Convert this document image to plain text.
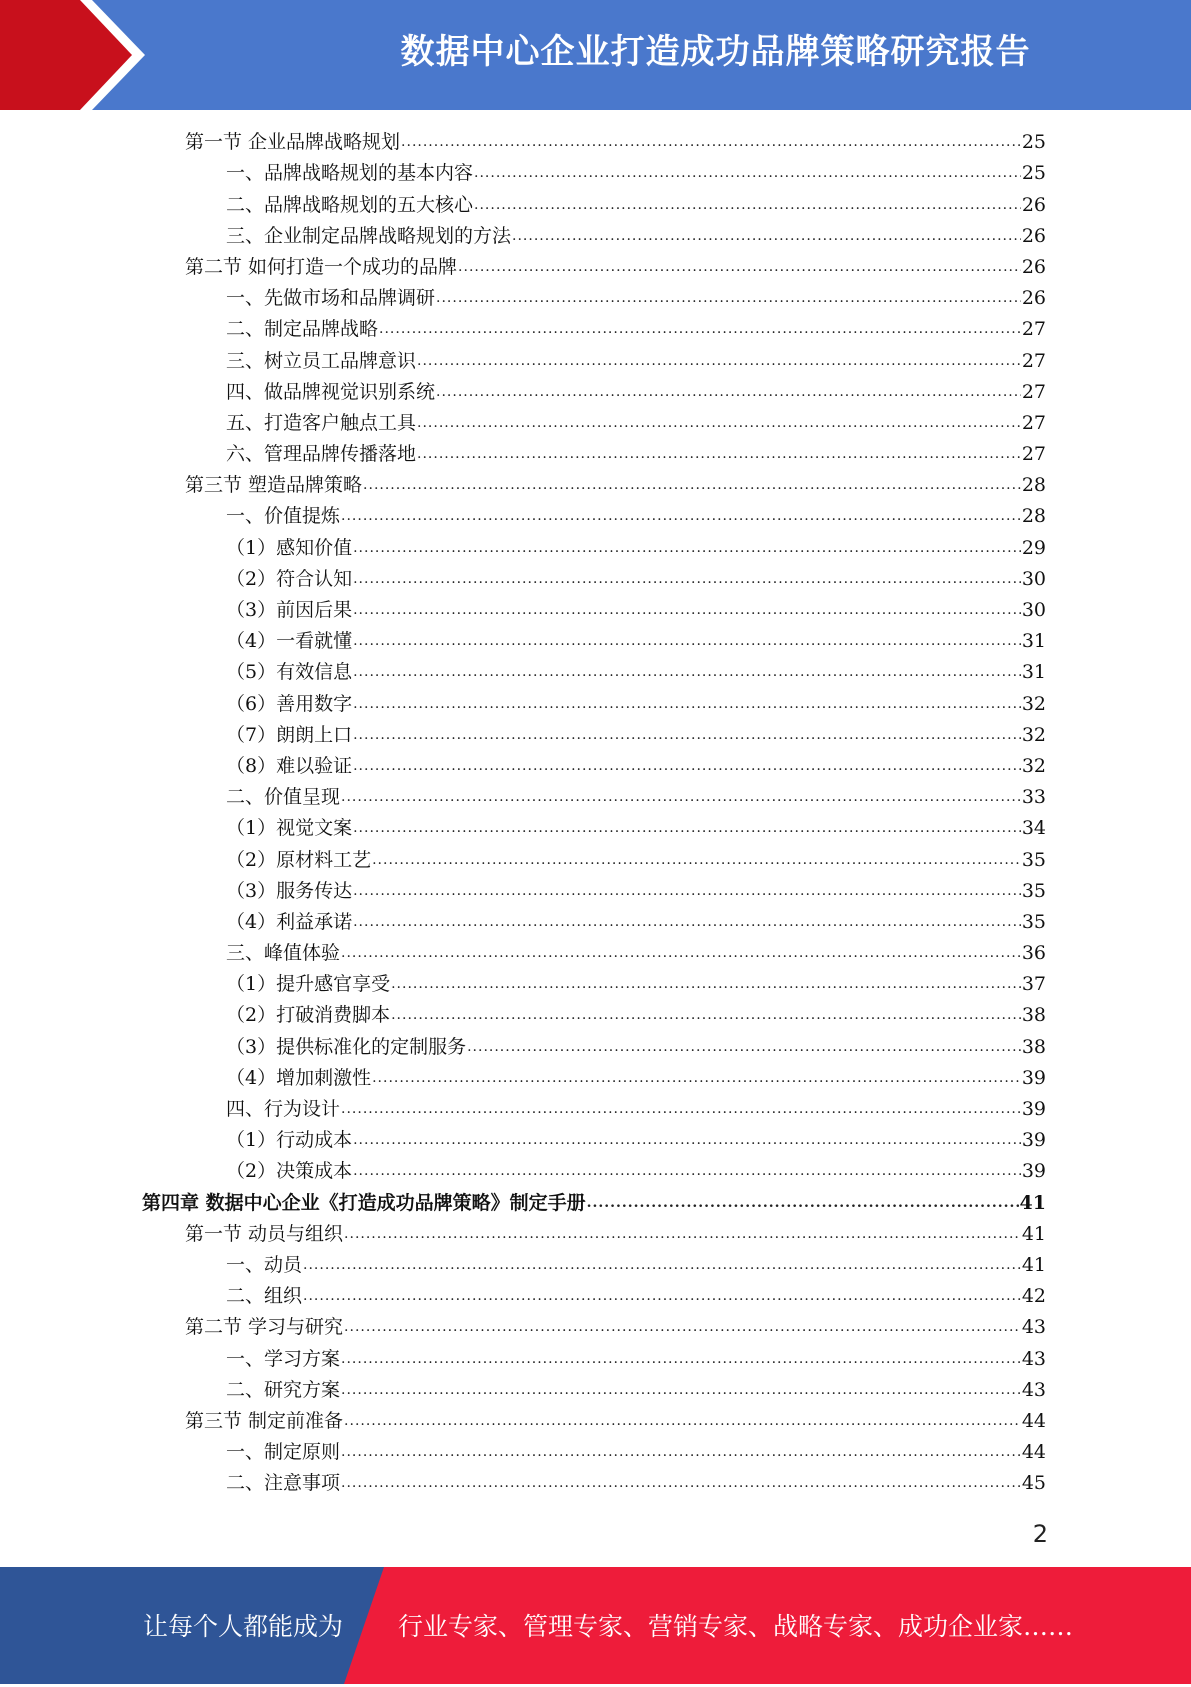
数据中心企业打造成功品牌策略研究报告
第一节 企业品牌战略规划 .....	25
一、品牌战略规划的基本内容 .....	25
二、品牌战略规划的五大核心 .....	26
三、企业制定品牌战略规划的方法 .....	26
第二节 如何打造一个成功的品牌 .....	26
一、先做市场和品牌调研 .....	26
二、制定品牌战略 .....	27
三、树立员工品牌意识 .....	27
四、做品牌视觉识别系统 .....	27
五、打造客户触点工具 .....	27
六、管理品牌传播落地 .....	27
第三节 塑造品牌策略 .....	28
一、价值提炼 .....	28
（1）感知价值 .....	29
（2）符合认知 .....	30
（3）前因后果 .....	30
（4）一看就懂 .....	31
（5）有效信息 .....	31
（6）善用数字 .....	32
（7）朗朗上口 .....	32
（8）难以验证 .....	32
二、价值呈现 .....	33
（1）视觉文案 .....	34
（2）原材料工艺 .....	35
（3）服务传达 .....	35
（4）利益承诺 .....	35
三、峰值体验 .....	36
（1）提升感官享受 .....	37
（2）打破消费脚本 .....	38
（3）提供标准化的定制服务 .....	38
（4）增加刺激性 .....	39
四、行为设计 .....	39
（1）行动成本 .....	39
（2）决策成本 .....	39
第四章 数据中心企业《打造成功品牌策略》制定手册 .....	41
第一节 动员与组织 .....	41
一、动员 .....	41
二、组织 .....	42
第二节 学习与研究 .....	43
一、学习方案 .....	43
二、研究方案 .....	43
第三节 制定前准备 .....	44
一、制定原则 .....	44
二、注意事项 .....	45
2
让每个人都能成为 行业专家、管理专家、营销专家、战略专家、成功企业家……
